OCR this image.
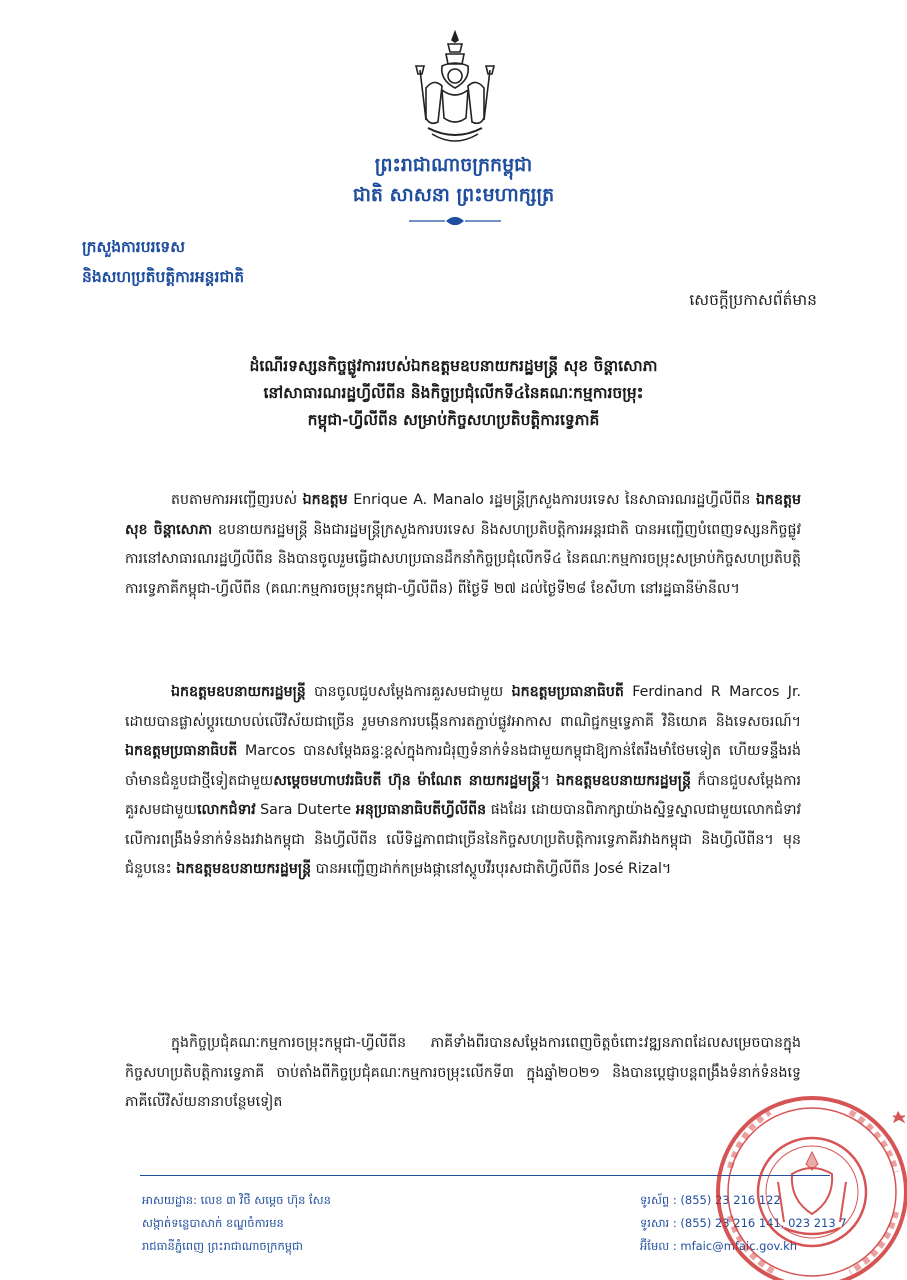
ព្រះរាជាណាចក្រកម្ពុជា
ជាតិ សាសនា ព្រះមហាក្សត្រ
ក្រសួងការបរទេស
និងសហប្រតិបត្តិការអន្តរជាតិ
សេចក្តីប្រកាសព័ត៌មាន
ដំណើរទស្សនកិច្ចផ្លូវការរបស់ឯកឧត្តមឧបនាយករដ្ឋមន្ត្រី សុខ ចិន្តាសោភា
នៅសាធារណរដ្ឋហ្វីលីពីន និងកិច្ចប្រជុំលើកទី៤នៃគណៈកម្មការចម្រុះ
កម្ពុជា-ហ្វីលីពីន សម្រាប់កិច្ចសហប្រតិបត្តិការទ្វេភាគី
តបតាមការអញ្ជើញរបស់ ឯកឧត្តម Enrique A. Manalo រដ្ឋមន្ត្រីក្រសួងការបរទេស នៃសាធារណរដ្ឋហ្វីលីពីន ឯកឧត្តម សុខ ចិន្តាសោភា ឧបនាយករដ្ឋមន្ត្រី និងជារដ្ឋមន្ត្រីក្រសួងការបរទេស និងសហប្រតិបត្តិការអន្តរជាតិ បានអញ្ជើញបំពេញទស្សនកិច្ចផ្លូវការនៅសាធារណរដ្ឋហ្វីលីពីន និងបានចូលរួមធ្វើជាសហប្រធានដឹកនាំកិច្ចប្រជុំលើកទី៤ នៃគណៈកម្មការចម្រុះសម្រាប់កិច្ចសហប្រតិបត្តិការទ្វេភាគីកម្ពុជា-ហ្វីលីពីន (គណៈកម្មការចម្រុះកម្ពុជា-ហ្វីលីពីន) ពីថ្ងៃទី ២៧ ដល់ថ្ងៃទី២៨ ខែសីហា នៅរដ្ឋធានីម៉ានីល។
ឯកឧត្តមឧបនាយករដ្ឋមន្ត្រី បានចូលជួបសម្តែងការគួរសមជាមួយ ឯកឧត្តមប្រធានាធិបតី Ferdinand R Marcos Jr. ដោយបានផ្លាស់ប្តូរយោបល់លើវិស័យជាច្រើន រួមមានការបង្កើនការតភ្ជាប់ផ្លូវអាកាស ពាណិជ្ជកម្មទ្វេភាគី វិនិយោគ និងទេសចរណ៍។ ឯកឧត្តមប្រធានាធិបតី Marcos បានសម្តែងឆន្ទៈខ្ពស់ក្នុងការជំរុញទំនាក់ទំនងជាមួយកម្ពុជាឱ្យកាន់តែរឹងមាំថែមទៀត ហើយទន្ទឹងរង់ចាំមានជំនួបជាថ្មីទៀតជាមួយសម្តេចមហាបវរធិបតី ហ៊ុន ម៉ាណែត នាយករដ្ឋមន្ត្រី។ ឯកឧត្តមឧបនាយករដ្ឋមន្ត្រី ក៏បានជួបសម្តែងការគួរសមជាមួយលោកជំទាវ Sara Duterte អនុប្រធានាធិបតីហ្វីលីពីន ផងដែរ ដោយបានពិភាក្សាយ៉ាងស្និទ្ធស្នាលជាមួយលោកជំទាវលើការពង្រឹងទំនាក់ទំនងរវាងកម្ពុជា និងហ្វីលីពីន លើទិដ្ឋភាពជាច្រើននៃកិច្ចសហប្រតិបត្តិការទ្វេភាគីរវាងកម្ពុជា និងហ្វីលីពីន។ មុនជំនួបនេះ ឯកឧត្តមឧបនាយករដ្ឋមន្ត្រី បានអញ្ជើញដាក់កម្រងផ្កានៅស្តូបវីរបុរសជាតិហ្វីលីពីន José Rizal។
ក្នុងកិច្ចប្រជុំគណៈកម្មការចម្រុះកម្ពុជា-ហ្វីលីពីន ភាគីទាំងពីរបានសម្តែងការពេញចិត្តចំពោះវឌ្ឍនភាពដែលសម្រេចបានក្នុងកិច្ចសហប្រតិបត្តិការទ្វេភាគី ចាប់តាំងពីកិច្ចប្រជុំគណៈកម្មការចម្រុះលើកទី៣ ក្នុងឆ្នាំ២០២១ និងបានប្តេជ្ញាបន្តពង្រឹងទំនាក់ទំនងទ្វេភាគីលើវិស័យនានាបន្ថែមទៀត
អាសយដ្ឋាន: លេខ ៣ វិថី សម្តេច ហ៊ុន សែន
សង្កាត់ទន្លេបាសាក់ ខណ្ឌចំការមន
រាជធានីភ្នំពេញ ព្រះរាជាណាចក្រកម្ពុជា
ទូរស័ព្ទ : (855) 23 216 122
ទូរសារ : (855) 23 216 141, 023 213 7
អ៊ីមែល : mfaic@mfaic.gov.kh
